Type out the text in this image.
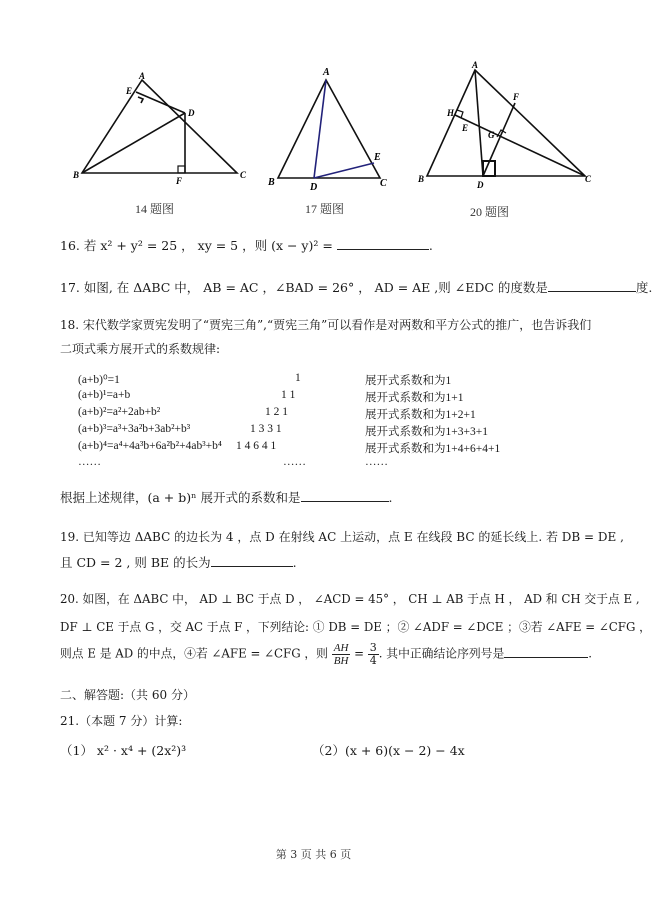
A
E
D
B
F
C
14 题图
A
B	D
E
C
17 题图
A
H
F
E
G
B
D
C
20 题图
16. 若 x² + y² = 25 ， xy = 5 ，则 (x − y)² =	.
17. 如图, 在 ΔABC 中， AB = AC ，∠BAD = 26° ， AD = AE ,则 ∠EDC 的度数是	度.
18. 宋代数学家贾宪发明了“贾宪三角”,“贾宪三角”可以看作是对两数和平方公式的推广，也告诉我们
二项式乘方展开式的系数规律:
(a+b)⁰=1	1	展开式系数和为1
(a+b)¹=a+b	1 1	展开式系数和为1+1
(a+b)²=a²+2ab+b²	1 2 1	展开式系数和为1+2+1
(a+b)³=a³+3a²b+3ab²+b³	1 3 3 1	展开式系数和为1+3+3+1
(a+b)⁴=a⁴+4a³b+6a²b²+4ab³+b⁴ 1 4 6 4 1	展开式系数和为1+4+6+4+1
……	……	……
根据上述规律，(a + b)ⁿ 展开式的系数和是	.
19. 已知等边 ΔABC 的边长为 4 ，点 D 在射线 AC 上运动，点 E 在线段 BC 的延长线上. 若 DB = DE ,
且 CD = 2 , 则 BE 的长为	.
20. 如图，在 ΔABC 中， AD ⊥ BC 于点 D ， ∠ACD = 45° ， CH ⊥ AB 于点 H ， AD 和 CH 交于点 E ,
DF ⊥ CE 于点 G ，交 AC 于点 F ，下列结论: ① DB = DE ；② ∠ADF = ∠DCE ；③若 ∠AFE = ∠CFG ，
则点 E 是 AD 的中点，④若 ∠AFE = ∠CFG ，则 $\frac{AH}{BH} = \frac{3}{4}$ . 其中正确结论序列号是	.
二、解答题:（共 60 分）
21.（本题 7 分）计算:
（1） x² · x⁴ + (2x²)³	（2）(x + 6)(x − 2) − 4x
第 3 页 共 6 页
